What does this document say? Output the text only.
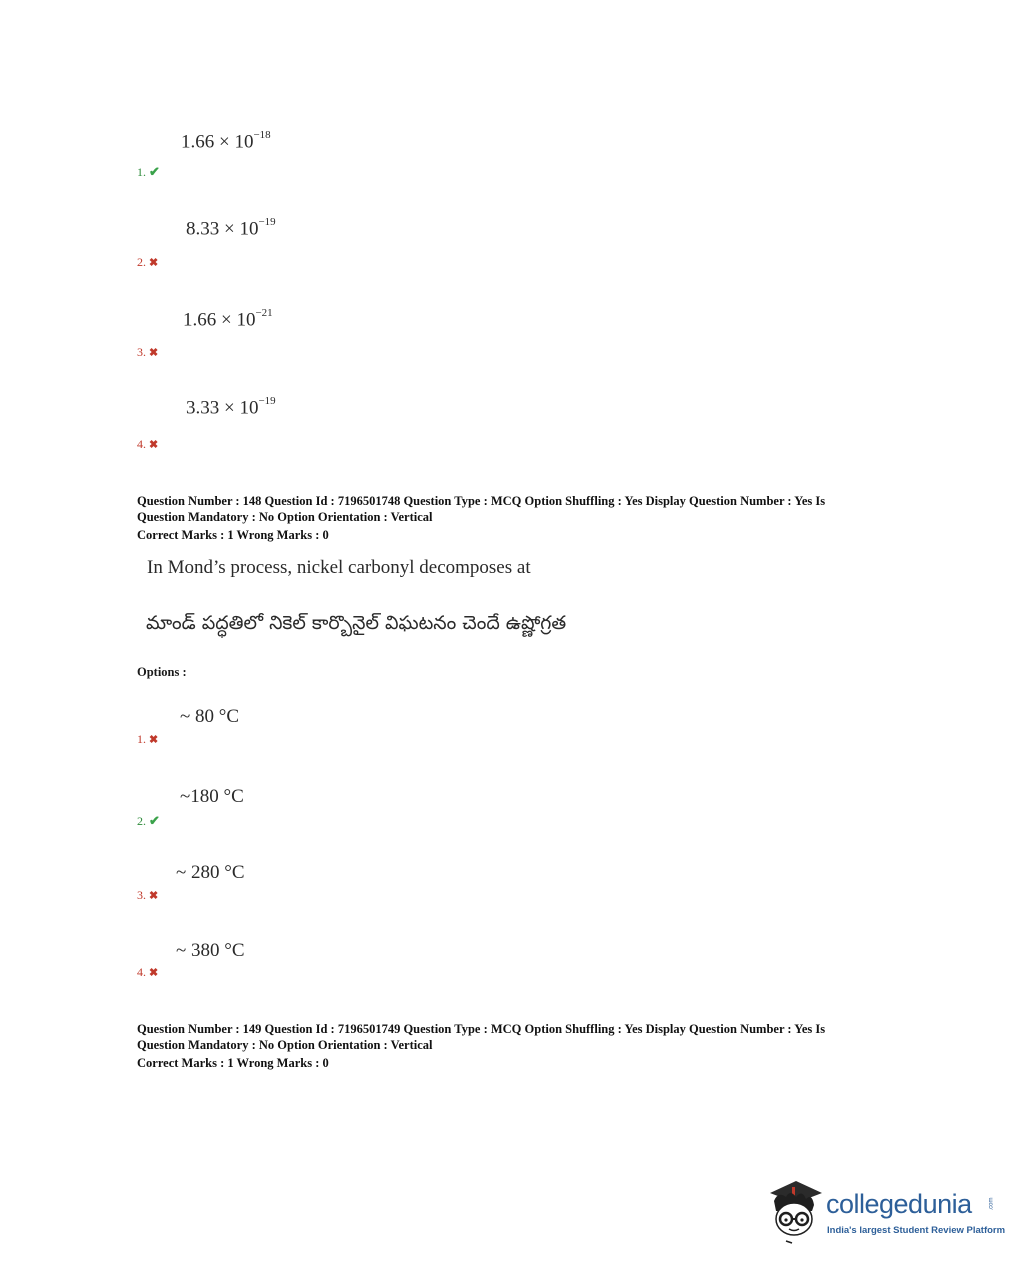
$1.66 \times 10^{-18}$
1. ✔
$8.33 \times 10^{-19}$
2. ✖
$1.66 \times 10^{-21}$
3. ✖
$3.33 \times 10^{-19}$
4. ✖
Question Number : 148 Question Id : 7196501748 Question Type : MCQ Option Shuffling : Yes Display Question Number : Yes Is
Question Mandatory : No Option Orientation : Vertical
Correct Marks : 1 Wrong Marks : 0
In Mond’s process, nickel carbonyl decomposes at
మాండ్ పద్ధతిలో నికెల్ కార్బొనైల్ విఘటనం చెందే ఉష్ణోగ్రత
Options :
~ 80 °C
1. ✖
~180 °C
2. ✔
~ 280 °C
3. ✖
~ 380 °C
4. ✖
Question Number : 149 Question Id : 7196501749 Question Type : MCQ Option Shuffling : Yes Display Question Number : Yes Is
Question Mandatory : No Option Orientation : Vertical
Correct Marks : 1 Wrong Marks : 0
collegedunia	.com
India's largest Student Review Platform
